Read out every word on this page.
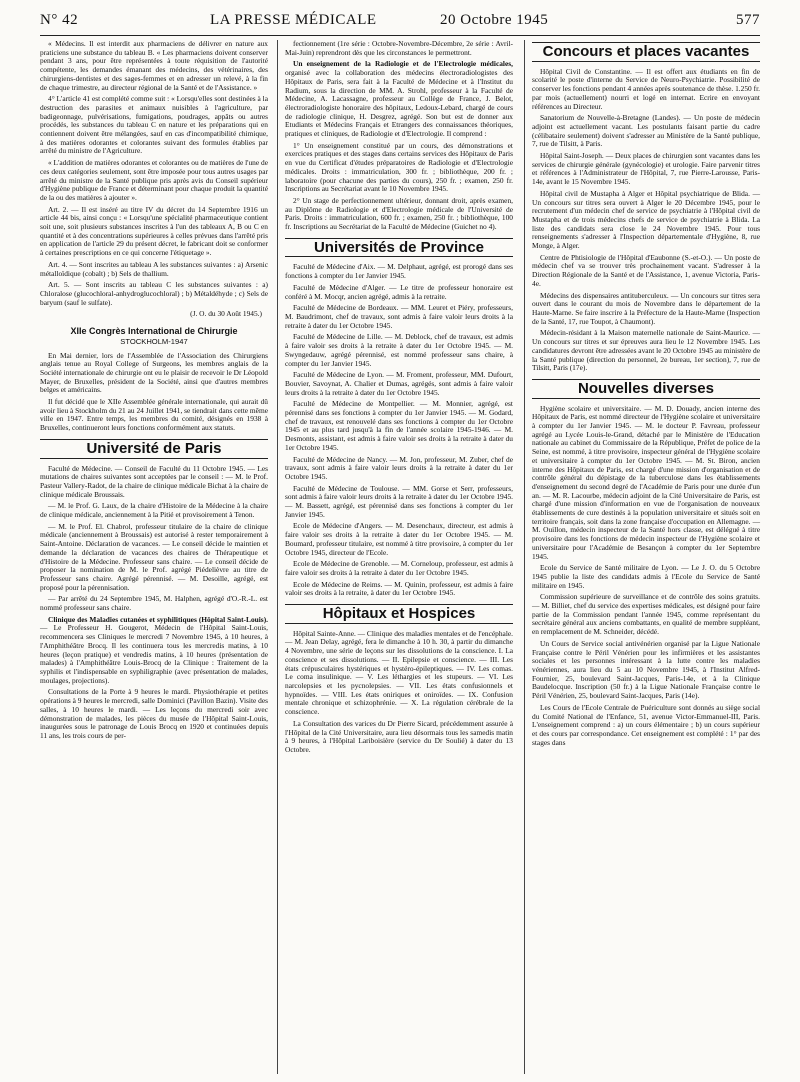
N° 42	LA PRESSE MÉDICALE	20 Octobre 1945	577

« Médecins. Il est interdit aux pharmaciens de délivrer en nature aux praticiens une substance du tableau B. « Les pharmaciens doivent conserver pendant 3 ans, pour être représentées à toute réquisition de l'autorité compétente, les demandes émanant des médecins, des vétérinaires, des chirurgiens-dentistes et des sages-femmes et en adresser un relevé, à la fin de chaque trimestre, au directeur régional de la Santé et de l'Assistance. »

4° L'article 41 est complété comme suit : « Lorsqu'elles sont destinées à la destruction des parasites et animaux nuisibles à l'agriculture, par badigeonnage, pulvérisations, fumigations, poudrages, appâts ou autres procédés, les substances du tableau C en nature et les préparations qui en contiennent doivent être mélangées, sauf en cas d'incompatibilité chimique, à des matières odorantes et colorantes suivant des formules établies par arrêté du ministre de l'Agriculture.

« L'addition de matières odorantes et colorantes ou de matières de l'une de ces deux catégories seulement, sont être imposée pour tous autres usages par arrêté du ministre de la Santé publique pris après avis du Conseil supérieur d'Hygiène publique de France et déterminant pour chaque produit la quantité de la ou des matières à ajouter ».

Art. 2. — Il est inséré au titre IV du décret du 14 Septembre 1916 un article 44 bis, ainsi conçu : « Lorsqu'une spécialité pharmaceutique contient soit une, soit plusieurs substances inscrites à l'un des tableaux A, B ou C en quantité et à des concentrations supérieures à celles prévues dans l'arrêté pris en application de l'article 29 du présent décret, le fabricant doit se conformer à certaines prescriptions en ce qui concerne l'étiquetage ».

Art. 4. — Sont inscrites au tableau A les substances suivantes : a) Arsenic métalloïdique (cobalt) ; b) Sels de thallium.

Art. 5. — Sont inscrits au tableau C les substances suivantes : a) Chloralose (glucochloral-anhydroglucochloral) ; b) Métaldéhyde ; c) Sels de baryum (sauf le sulfate).

(J. O. du 30 Août 1945.)
XIIe Congrès International de Chirurgie
STOCKHOLM-1947

En Mai dernier, lors de l'Assemblée de l'Association des Chirurgiens anglais tenue au Royal College of Surgeons, les membres anglais de la Société internationale de chirurgie ont eu le plaisir de recevoir le Dr Léopold Mayer, de Bruxelles, président de la Société, ainsi que d'autres membres belges et américains.

Il fut décidé que le XIIe Assemblée générale internationale, qui aurait dû avoir lieu à Stockholm du 21 au 24 Juillet 1941, se tiendrait dans cette même ville en 1947. Entre temps, les membres du comité, désignés en 1938 à Bruxelles, continueront leurs fonctions conformément aux statuts.

Université de Paris

Faculté de Médecine. — Conseil de Faculté du 11 Octobre 1945. — Les mutations de chaires suivantes sont acceptées par le conseil : — M. le Prof. Pasteur Vallery-Radot, de la chaire de clinique médicale Bichat à la chaire de clinique médicale Broussais.

— M. le Prof. G. Laux, de la chaire d'Histoire de la Médecine à la chaire de clinique médicale, anciennement à la Pitié et provisoirement à Tenon.

— M. le Prof. El. Chabrol, professeur titulaire de la chaire de clinique médicale (anciennement à Broussais) est autorisé à rester temporairement à Saint-Antoine. Déclaration de vacances. — Le conseil décide le maintien et demande la déclaration de vacances des chaires de Thérapeutique et d'Histoire de la Médecine. Professeur sans chaire. — Le conseil décide de proposer la nomination de M. le Prof. agrégé Piédelièvre au titre de Professeur sans chaire. Agrégé pérennisé. — M. Desoille, agrégé, est proposé pour la pérennisation.

— Par arrêté du 24 Septembre 1945, M. Halphen, agrégé d'O.-R.-L. est nommé professeur sans chaire.

Clinique des Maladies cutanées et syphilitiques (Hôpital Saint-Louis). — Le Professeur H. Gougerot, Médecin de l'Hôpital Saint-Louis, recommencera ses Cliniques le mercredi 7 Novembre 1945, à 10 heures, à l'Amphithéâtre Brocq. Il les continuera tous les mercredis matins, à 10 heures (leçon pratique) et vendredis matins, à 10 heures (présentation de malades) à l'Amphithéâtre Louis-Brocq de la Clinique : Traitement de la syphilis et l'indispensable en syphiligraphie (avec présentation de malades, moulages, projections).

Consultations de la Porte à 9 heures le mardi. Physiothérapie et petites opérations à 9 heures le mercredi, salle Dominici (Pavillon Bazin). Visite des salles, à 10 heures le mardi. — Les leçons du mercredi soir avec démonstration de malades, les pièces du musée de l'Hôpital Saint-Louis, inaugurées sous le patronage de Louis Brocq en 1920 et continuées depuis 11 ans, les trois cours de per-

fectionnement (1re série : Octobre-Novembre-Décembre, 2e série : Avril-Mai-Juin) reprendront dès que les circonstances le permettront.

Un enseignement de la Radiologie et de l'Electrologie médicales, organisé avec la collaboration des médecins électroradiologistes des Hôpitaux de Paris, sera fait à la Faculté de Médecine et à l'Institut du Radium, sous la direction de MM. A. Strohl, professeur à la Faculté de Médecine, A. Lacassagne, professeur au Collège de France, J. Belot, électroradiologiste honoraire des hôpitaux, Ledoux-Lebard, chargé de cours de radiologie clinique, H. Desgrez, agrégé. Son but est de donner aux Etudiants et Médecins Français et Etrangers des connaissances théoriques, pratiques et cliniques, de Radiologie et d'Electrologie. Il comprend :

1° Un enseignement constitué par un cours, des démonstrations et exercices pratiques et des stages dans certains services des Hôpitaux de Paris en vue du Certificat d'études préparatoires de Radiologie et d'Electrologie médicales. Droits : immatriculation, 300 fr. ; bibliothèque, 200 fr. ; laboratoire (pour chacune des parties du cours), 250 fr. ; examen, 250 fr. Inscriptions au Secrétariat avant le 10 Novembre 1945.

2° Un stage de perfectionnement ultérieur, donnant droit, après examen, au Diplôme de Radiologie et d'Electrologie médicale de l'Université de Paris. Droits : immatriculation, 600 fr. ; examen, 250 fr. ; bibliothèque, 100 fr. Inscriptions au Secrétariat de la Faculté de Médecine (Guichet no 4).

Universités de Province

Faculté de Médecine d'Aix. — M. Delphaut, agrégé, est prorogé dans ses fonctions à compter du 1er Janvier 1945.

Faculté de Médecine d'Alger. — Le titre de professeur honoraire est conféré à M. Mocqr, ancien agrégé, admis à la retraite.

Faculté de Médecine de Bordeaux. — MM. Leuret et Piéry, professeurs, M. Baudrimont, chef de travaux, sont admis à faire valoir leurs droits à la retraite à dater du 1er Octobre 1945.

Faculté de Médecine de Lille. — M. Deblock, chef de travaux, est admis à faire valoir ses droits à la retraite à dater du 1er Octobre 1945. — M. Swyngedauw, agrégé pérennisé, est nommé professeur sans chaire, à compter du 1er Janvier 1945.

Faculté de Médecine de Lyon. — M. Froment, professeur, MM. Dufourt, Bouvier, Savoynat, A. Chalier et Dumas, agrégés, sont admis à faire valoir leurs droits à la retraite à dater du 1er Octobre 1945.

Faculté de Médecine de Montpellier. — M. Monnier, agrégé, est pérennisé dans ses fonctions à compter du 1er Janvier 1945. — M. Godard, chef de travaux, est renouvelé dans ses fonctions à compter du 1er Octobre 1945 et au plus tard jusqu'à la fin de l'année scolaire 1945-1946. — M. Desmonts, assistant, est admis à faire valoir ses droits à la retraite à dater du 1er Octobre 1945.

Faculté de Médecine de Nancy. — M. Jon, professeur, M. Zuber, chef de travaux, sont admis à faire valoir leurs droits à la retraite à dater du 1er Octobre 1945.

Faculté de Médecine de Toulouse. — MM. Gorse et Serr, professeurs, sont admis à faire valoir leurs droits à la retraite à dater du 1er Octobre 1945. — M. Bassett, agrégé, est pérennisé dans ses fonctions à compter du 1er Janvier 1945.

Ecole de Médecine d'Angers. — M. Desenchaux, directeur, est admis à faire valoir ses droits à la retraite à dater du 1er Octobre 1945. — M. Boumard, professeur titulaire, est nommé à titre provisoire, à compter du 1er Octobre 1945, directeur de l'Ecole.

Ecole de Médecine de Grenoble. — M. Corneloup, professeur, est admis à faire valoir ses droits à la retraite à dater du 1er Octobre 1945.

Ecole de Médecine de Reims. — M. Quinin, professeur, est admis à faire valoir ses droits à la retraite, à dater du 1er Octobre 1945.

Hôpitaux et Hospices

Hôpital Sainte-Anne. — Clinique des maladies mentales et de l'encéphale. — M. Jean Delay, agrégé, fera le dimanche à 10 h. 30, à partir du dimanche 4 Novembre, une série de leçons sur les dissolutions de la conscience. I. La conscience et ses dissolutions. — II. Epilepsie et conscience. — III. Les états crépusculaires hystériques et hystéro-épileptiques. — IV. Les comas. Le coma insulinique. — V. Les léthargies et les stupeurs. — VI. Les narcolepsies et les pycnolepsies. — VII. Les états confusionnels et hypnoïdes. — VIII. Les états oniriques et oniroïdes. — IX. Confusion mentale chronique et schizophrénie. — X. La régulation cérébrale de la conscience.

La Consultation des varices du Dr Pierre Sicard, précédemment assurée à l'Hôpital de la Cité Universitaire, aura lieu désormais tous les samedis matin à 9 heures, à l'Hôpital Lariboisière (service du Dr Soulié) à dater du 13 Octobre.

Concours et places vacantes

Hôpital Civil de Constantine. — Il est offert aux étudiants en fin de scolarité le poste d'interne du Service de Neuro-Psychiatrie. Possibilité de conserver les fonctions pendant 4 années après soutenance de thèse. 1.250 fr. par mois (actuellement) nourri et logé en internat. Ecrire en envoyant références au Directeur.

Sanatorium de Nouvelle-à-Bretagne (Landes). — Un poste de médecin adjoint est actuellement vacant. Les postulants faisant partie du cadre (célibataire seulement) doivent s'adresser au Ministère de la Santé publique, 7, rue de Tilsitt, à Paris.

Hôpital Saint-Joseph. — Deux places de chirurgien sont vacantes dans les services de chirurgie générale (gynécologie) et urologie. Faire parvenir titres et références à l'Administrateur de l'Hôpital, 7, rue Pierre-Larousse, Paris-14e, avant le 15 Novembre 1945.

Hôpital civil de Mustapha à Alger et Hôpital psychiatrique de Blida. — Un concours sur titres sera ouvert à Alger le 20 Décembre 1945, pour le recrutement d'un médecin chef de service de psychiatrie à l'Hôpital civil de Mustapha et de trois médecins chefs de service de psychiatrie à Blida. La liste des candidats sera close le 24 Novembre 1945. Pour tous renseignements s'adresser à l'Inspection départementale d'Hygiène, 8, rue Monge, à Alger.

Centre de Phtisiologie de l'Hôpital d'Eaubonne (S.-et-O.). — Un poste de médecin chef va se trouver très prochainement vacant. S'adresser à la Direction Régionale de la Santé et de l'Assistance, 1, avenue Victoria, Paris-4e.

Médecins des dispensaires antituberculeux. — Un concours sur titres sera ouvert dans le courant du mois de Novembre dans le département de la Haute-Marne. Se faire inscrire à la Préfecture de la Haute-Marne (Inspection de la Santé, 17, rue Toupot, à Chaumont).

Médecin-résidant à la Maison maternelle nationale de Saint-Maurice. — Un concours sur titres et sur épreuves aura lieu le 12 Novembre 1945. Les candidatures devront être adressées avant le 20 Octobre 1945 au ministère de la Santé publique (direction du personnel, 2e bureau, 1er section), 7, rue de Tilsitt, Paris (17e).

Nouvelles diverses

Hygiène scolaire et universitaire. — M. D. Douady, ancien interne des Hôpitaux de Paris, est nommé directeur de l'Hygiène scolaire et universitaire à compter du 1er Janvier 1945. — M. le docteur P. Favreau, professeur agrégé au Lycée Louis-le-Grand, détaché par le Ministère de l'Education nationale au cabinet du Commissaire de la République, Préfet de police de la Seine, est nommé, à titre provisoire, inspecteur général de l'Hygiène scolaire et universitaire à compter du 1er Octobre 1945. — M. St. Biron, ancien interne des Hôpitaux de Paris, est chargé d'une mission d'organisation et de contrôle général du dépistage de la tuberculose dans les établissements d'enseignement du second degré de l'Académie de Paris pour une durée d'un an. — M. R. Lacourbe, médecin adjoint de la Cité Universitaire de Paris, est chargé d'une mission d'information en vue de l'organisation de nouveaux établissements de cure destinés à la population universitaire et situés soit en territoire français, soit dans la zone française d'occupation en Allemagne. — M. Ouillon, médecin inspecteur de la Santé hors classe, est délégué à titre provisoire dans les fonctions de médecin inspecteur de l'Hygiène scolaire et universitaire pour l'Académie de Besançon à compter du 1er Septembre 1945.

Ecole du Service de Santé militaire de Lyon. — Le J. O. du 5 Octobre 1945 publie la liste des candidats admis à l'Ecole du Service de Santé militaire en 1945.

Commission supérieure de surveillance et de contrôle des soins gratuits. — M. Billiet, chef du service des expertises médicales, est désigné pour faire partie de la Commission pendant l'année 1945, comme représentant du secrétaire général aux anciens combattants, en qualité de membre suppléant, en remplacement de M. Schneider, décédé.

Un Cours de Service social antivénérien organisé par la Ligue Nationale Française contre le Péril Vénérien pour les infirmières et les assistantes sociales et les personnes intéressant à la lutte contre les maladies vénériennes, aura lieu du 5 au 10 Novembre 1945, à l'Institut Alfred-Fournier, 25, boulevard Saint-Jacques, Paris-14e, et à la Clinique Baudelocque. Inscription (50 fr.) à la Ligue Nationale Française contre le Péril Vénérien, 25, boulevard Saint-Jacques, Paris (14e).

Les Cours de l'Ecole Centrale de Puériculture sont donnés au siège social du Comité National de l'Enfance, 51, avenue Victor-Emmanuel-III, Paris. L'enseignement comprend : a) un cours élémentaire ; b) un cours supérieur et des cours par correspondance. Cet enseignement est complété : 1° par des stages dans
